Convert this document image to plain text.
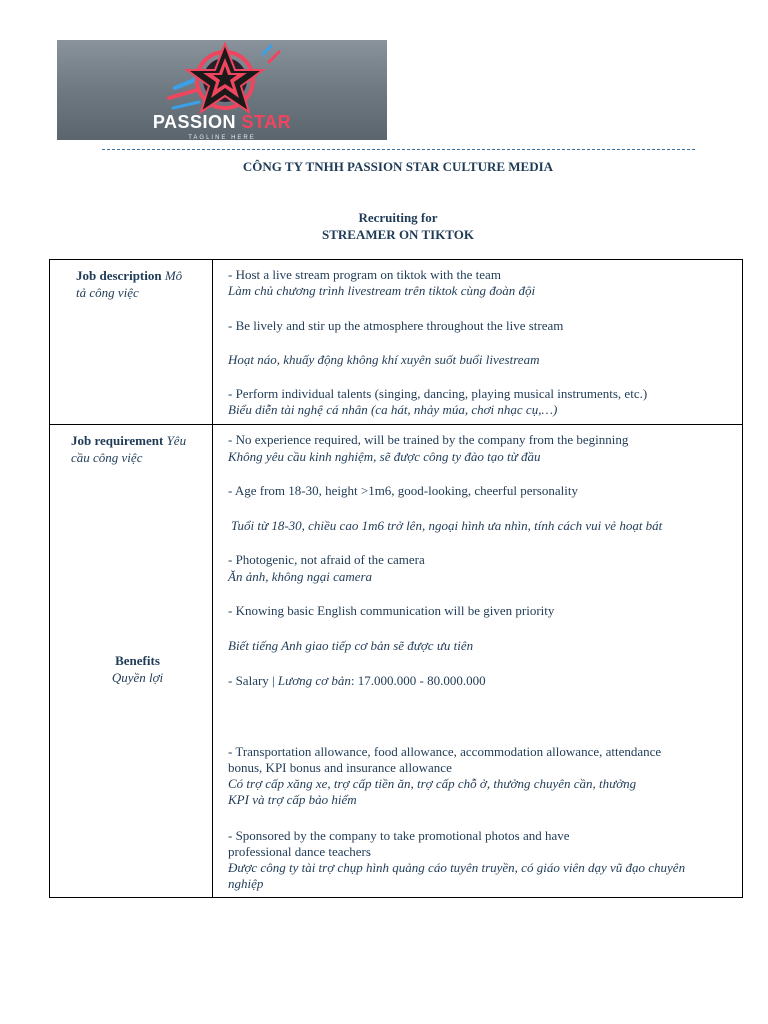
PASSION STAR
TAGLINE HERE
CÔNG TY TNHH PASSION STAR CULTURE MEDIA
Recruiting for
STREAMER ON TIKTOK
Job description Mô
tả công việc
- Host a live stream program on tiktok with the team
Làm chủ chương trình livestream trên tiktok cùng đoàn đội
- Be lively and stir up the atmosphere throughout the live stream
Hoạt náo, khuấy động không khí xuyên suốt buổi livestream
- Perform individual talents (singing, dancing, playing musical instruments, etc.)
Biểu diễn tài nghệ cá nhân (ca hát, nhảy múa, chơi nhạc cụ,…)
Job requirement Yêu
cầu công việc
- No experience required, will be trained by the company from the beginning
Không yêu cầu kinh nghiệm, sẽ được công ty đào tạo từ đầu
- Age from 18-30, height >1m6, good-looking, cheerful personality
Tuổi từ 18-30, chiều cao 1m6 trở lên, ngoại hình ưa nhìn, tính cách vui vẻ hoạt bát
- Photogenic, not afraid of the camera
Ăn ảnh, không ngại camera
- Knowing basic English communication will be given priority
Biết tiếng Anh giao tiếp cơ bản sẽ được ưu tiên
Benefits
Quyền lợi	- Salary | Lương cơ bản: 17.000.000 - 80.000.000
- Transportation allowance, food allowance, accommodation allowance, attendance
bonus, KPI bonus and insurance allowance
Có trợ cấp xăng xe, trợ cấp tiền ăn, trợ cấp chỗ ở, thưởng chuyên cần, thưởng
KPI và trợ cấp bảo hiểm
- Sponsored by the company to take promotional photos and have
professional dance teachers
Được công ty tài trợ chụp hình quảng cáo tuyên truyền, có giáo viên dạy vũ đạo chuyên
nghiệp
